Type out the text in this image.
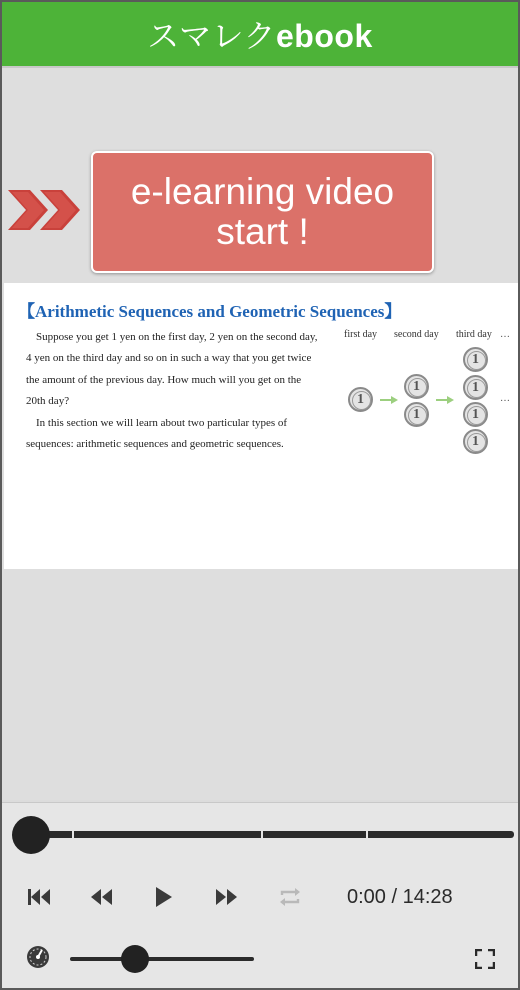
スマレクebook
e-learning video
start !
【Arithmetic Sequences and Geometric Sequences】

Suppose you get 1 yen on the first day, 2 yen on the second day, 4 yen on the third day and so on in such a way that you get twice the amount of the previous day. How much will you get on the 20th day?

In this section we will learn about two particular types of sequences: arithmetic sequences and geometric sequences.

first day second day third day …
1
1
1
1
1
1
1
…
0:00 / 14:28
